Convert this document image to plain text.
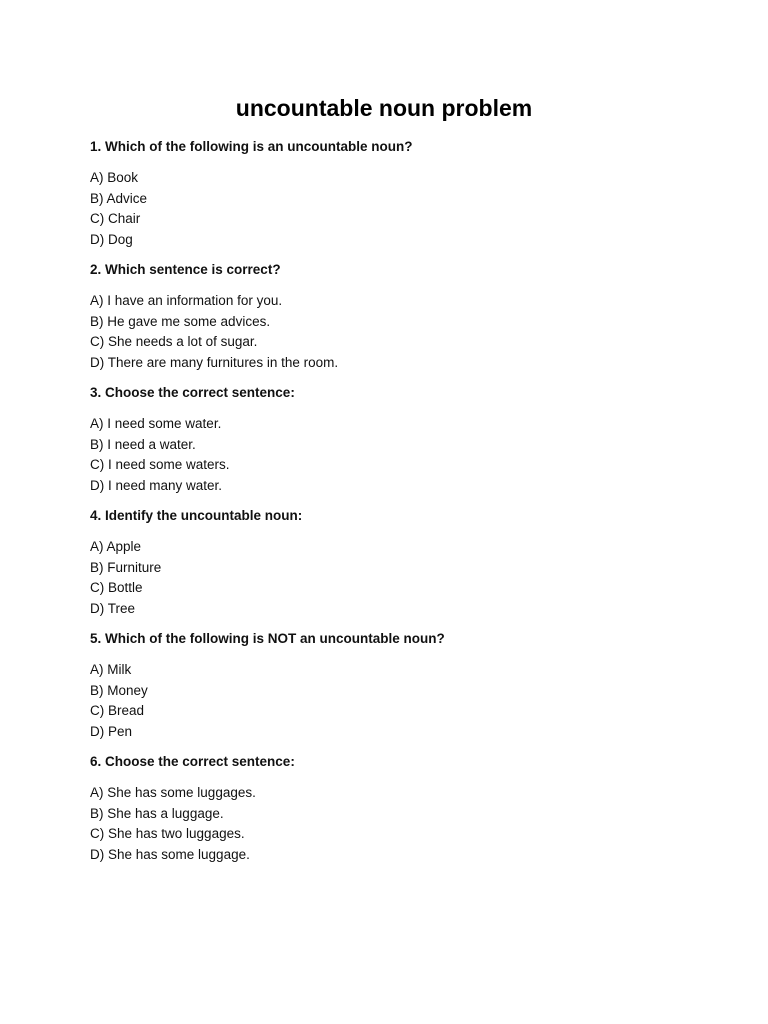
uncountable noun problem
1. Which of the following is an uncountable noun?
A) Book
B) Advice
C) Chair
D) Dog
2. Which sentence is correct?
A) I have an information for you.
B) He gave me some advices.
C) She needs a lot of sugar.
D) There are many furnitures in the room.
3. Choose the correct sentence:
A) I need some water.
B) I need a water.
C) I need some waters.
D) I need many water.
4. Identify the uncountable noun:
A) Apple
B) Furniture
C) Bottle
D) Tree
5. Which of the following is NOT an uncountable noun?
A) Milk
B) Money
C) Bread
D) Pen
6. Choose the correct sentence:
A) She has some luggages.
B) She has a luggage.
C) She has two luggages.
D) She has some luggage.
